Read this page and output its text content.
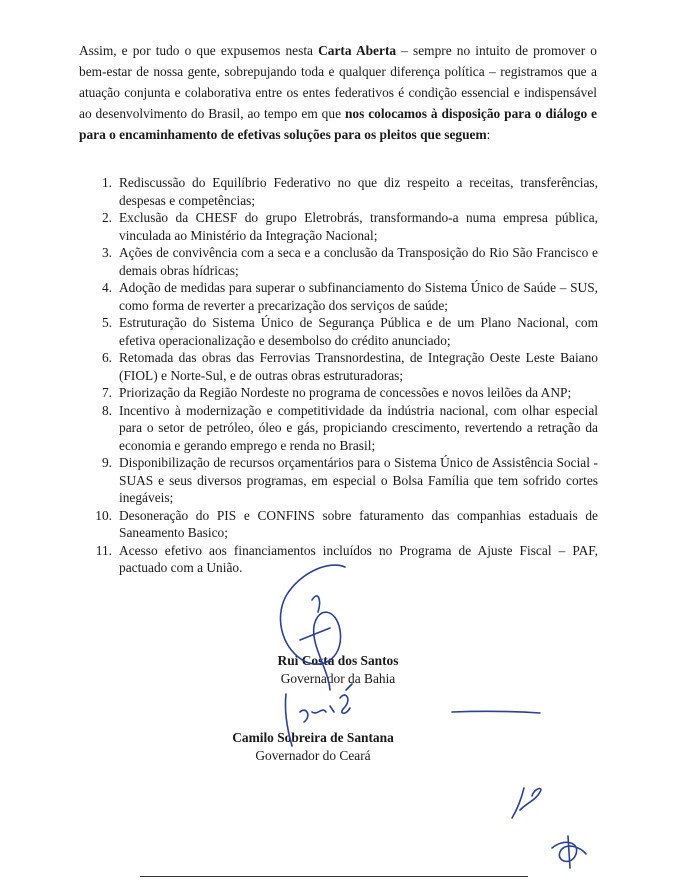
Assim, e por tudo o que expusemos nesta Carta Aberta – sempre no intuito de promover o bem-estar de nossa gente, sobrepujando toda e qualquer diferença política – registramos que a atuação conjunta e colaborativa entre os entes federativos é condição essencial e indispensável ao desenvolvimento do Brasil, ao tempo em que nos colocamos à disposição para o diálogo e para o encaminhamento de efetivas soluções para os pleitos que seguem:

1. Rediscussão do Equilíbrio Federativo no que diz respeito a receitas, transferências, despesas e competências;
2. Exclusão da CHESF do grupo Eletrobrás, transformando-a numa empresa pública, vinculada ao Ministério da Integração Nacional;
3. Ações de convivência com a seca e a conclusão da Transposição do Rio São Francisco e demais obras hídricas;
4. Adoção de medidas para superar o subfinanciamento do Sistema Único de Saúde – SUS, como forma de reverter a precarização dos serviços de saúde;
5. Estruturação do Sistema Único de Segurança Pública e de um Plano Nacional, com efetiva operacionalização e desembolso do crédito anunciado;
6. Retomada das obras das Ferrovias Transnordestina, de Integração Oeste Leste Baiano (FIOL) e Norte-Sul, e de outras obras estruturadoras;
7. Priorização da Região Nordeste no programa de concessões e novos leilões da ANP;
8. Incentivo à modernização e competitividade da indústria nacional, com olhar especial para o setor de petróleo, óleo e gás, propiciando crescimento, revertendo a retração da economia e gerando emprego e renda no Brasil;
9. Disponibilização de recursos orçamentários para o Sistema Único de Assistência Social - SUAS e seus diversos programas, em especial o Bolsa Família que tem sofrido cortes inegáveis;
10. Desoneração do PIS e CONFINS sobre faturamento das companhias estaduais de Saneamento Basico;
11. Acesso efetivo aos financiamentos incluídos no Programa de Ajuste Fiscal – PAF, pactuado com a União.
Rui Costa dos Santos
Governador da Bahia
Camilo Sobreira de Santana
Governador do Ceará
